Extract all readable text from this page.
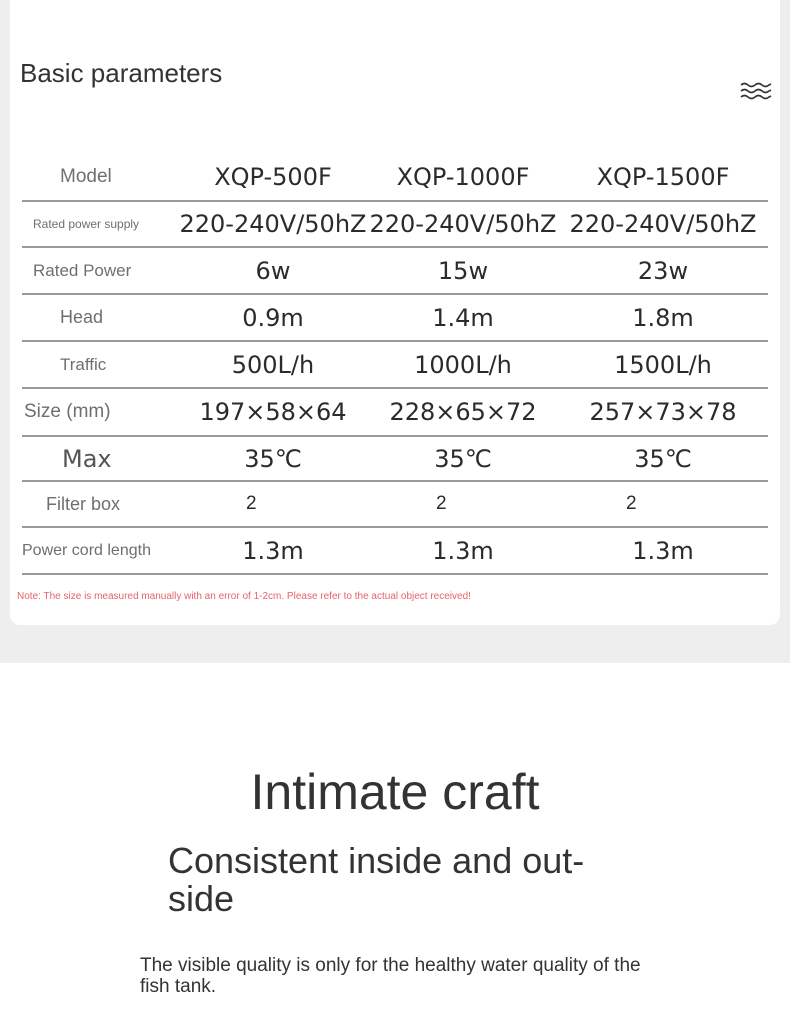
Basic parameters
Model	XQP-500F	XQP-1000F	XQP-1500F
Rated power supply	220-240V/50hZ	220-240V/50hZ	220-240V/50hZ
Rated Power	6w	15w	23w
Head	0.9m	1.4m	1.8m
Traffic	500L/h	1000L/h	1500L/h
Size (mm)	197×58×64	228×65×72	257×73×78
Max	35℃	35℃	35℃
Filter box	2	2	2
Power cord length	1.3m	1.3m	1.3m
Note: The size is measured manually with an error of 1-2cm. Please refer to the actual object received!
Intimate craft
Consistent inside and out-side
The visible quality is only for the healthy water quality of the fish tank.
